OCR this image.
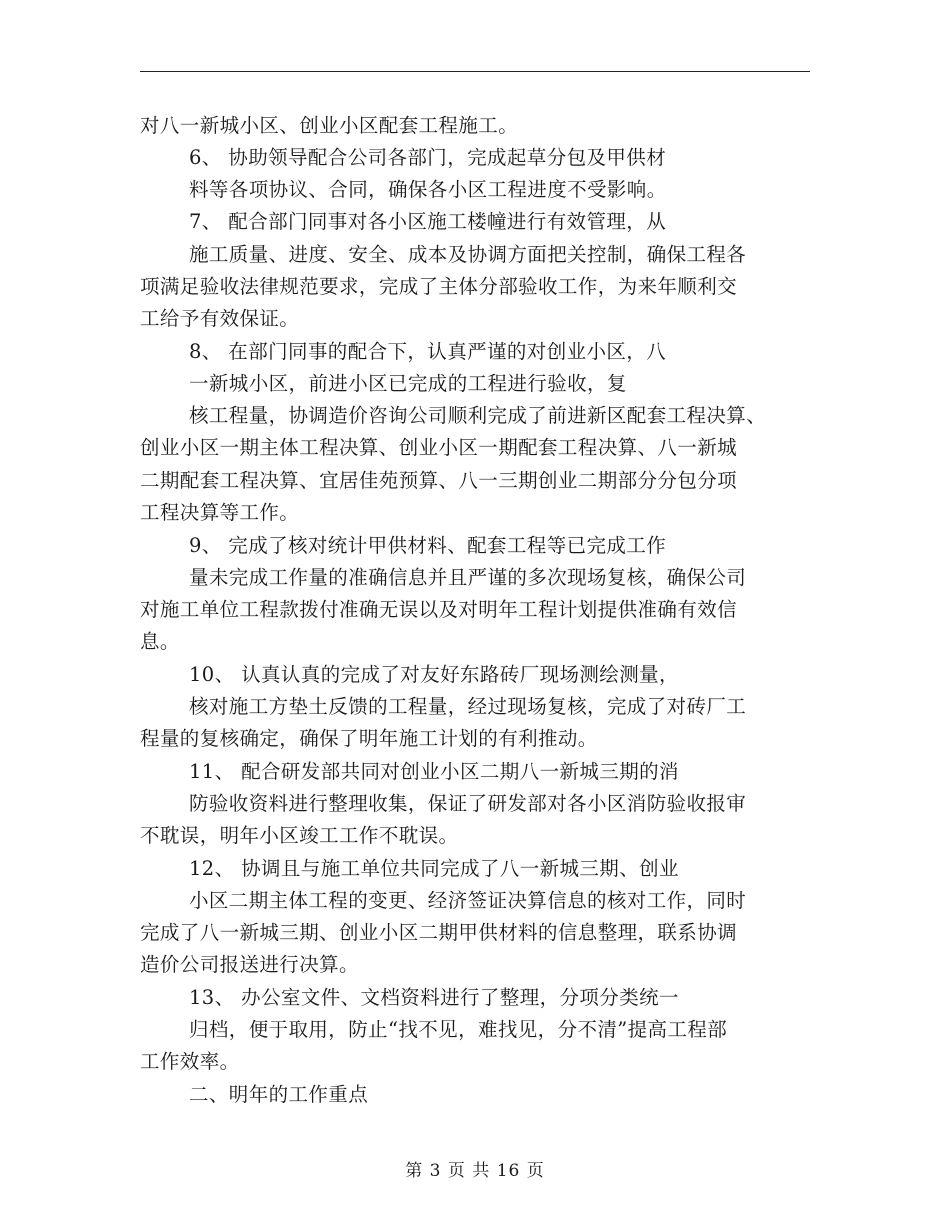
对八一新城小区、创业小区配套工程施工。
6、 协助领导配合公司各部门，完成起草分包及甲供材
料等各项协议、合同，确保各小区工程进度不受影响。
7、 配合部门同事对各小区施工楼幢进行有效管理，从
施工质量、进度、安全、成本及协调方面把关控制，确保工程各
项满足验收法律规范要求，完成了主体分部验收工作，为来年顺利交
工给予有效保证。
8、 在部门同事的配合下，认真严谨的对创业小区，八
一新城小区，前进小区已完成的工程进行验收，复
核工程量，协调造价咨询公司顺利完成了前进新区配套工程决算、
创业小区一期主体工程决算、创业小区一期配套工程决算、八一新城
二期配套工程决算、宜居佳苑预算、八一三期创业二期部分分包分项
工程决算等工作。
9、 完成了核对统计甲供材料、配套工程等已完成工作
量未完成工作量的准确信息并且严谨的多次现场复核，确保公司
对施工单位工程款拨付准确无误以及对明年工程计划提供准确有效信
息。
10、 认真认真的完成了对友好东路砖厂现场测绘测量，
核对施工方垫土反馈的工程量，经过现场复核，完成了对砖厂工
程量的复核确定，确保了明年施工计划的有利推动。
11、 配合研发部共同对创业小区二期八一新城三期的消
防验收资料进行整理收集，保证了研发部对各小区消防验收报审
不耽误，明年小区竣工工作不耽误。
12、 协调且与施工单位共同完成了八一新城三期、创业
小区二期主体工程的变更、经济签证决算信息的核对工作，同时
完成了八一新城三期、创业小区二期甲供材料的信息整理，联系协调
造价公司报送进行决算。
13、 办公室文件、文档资料进行了整理，分项分类统一
归档，便于取用，防止“找不见，难找见，分不清”提高工程部
工作效率。
二、明年的工作重点
第 3 页 共 16 页
